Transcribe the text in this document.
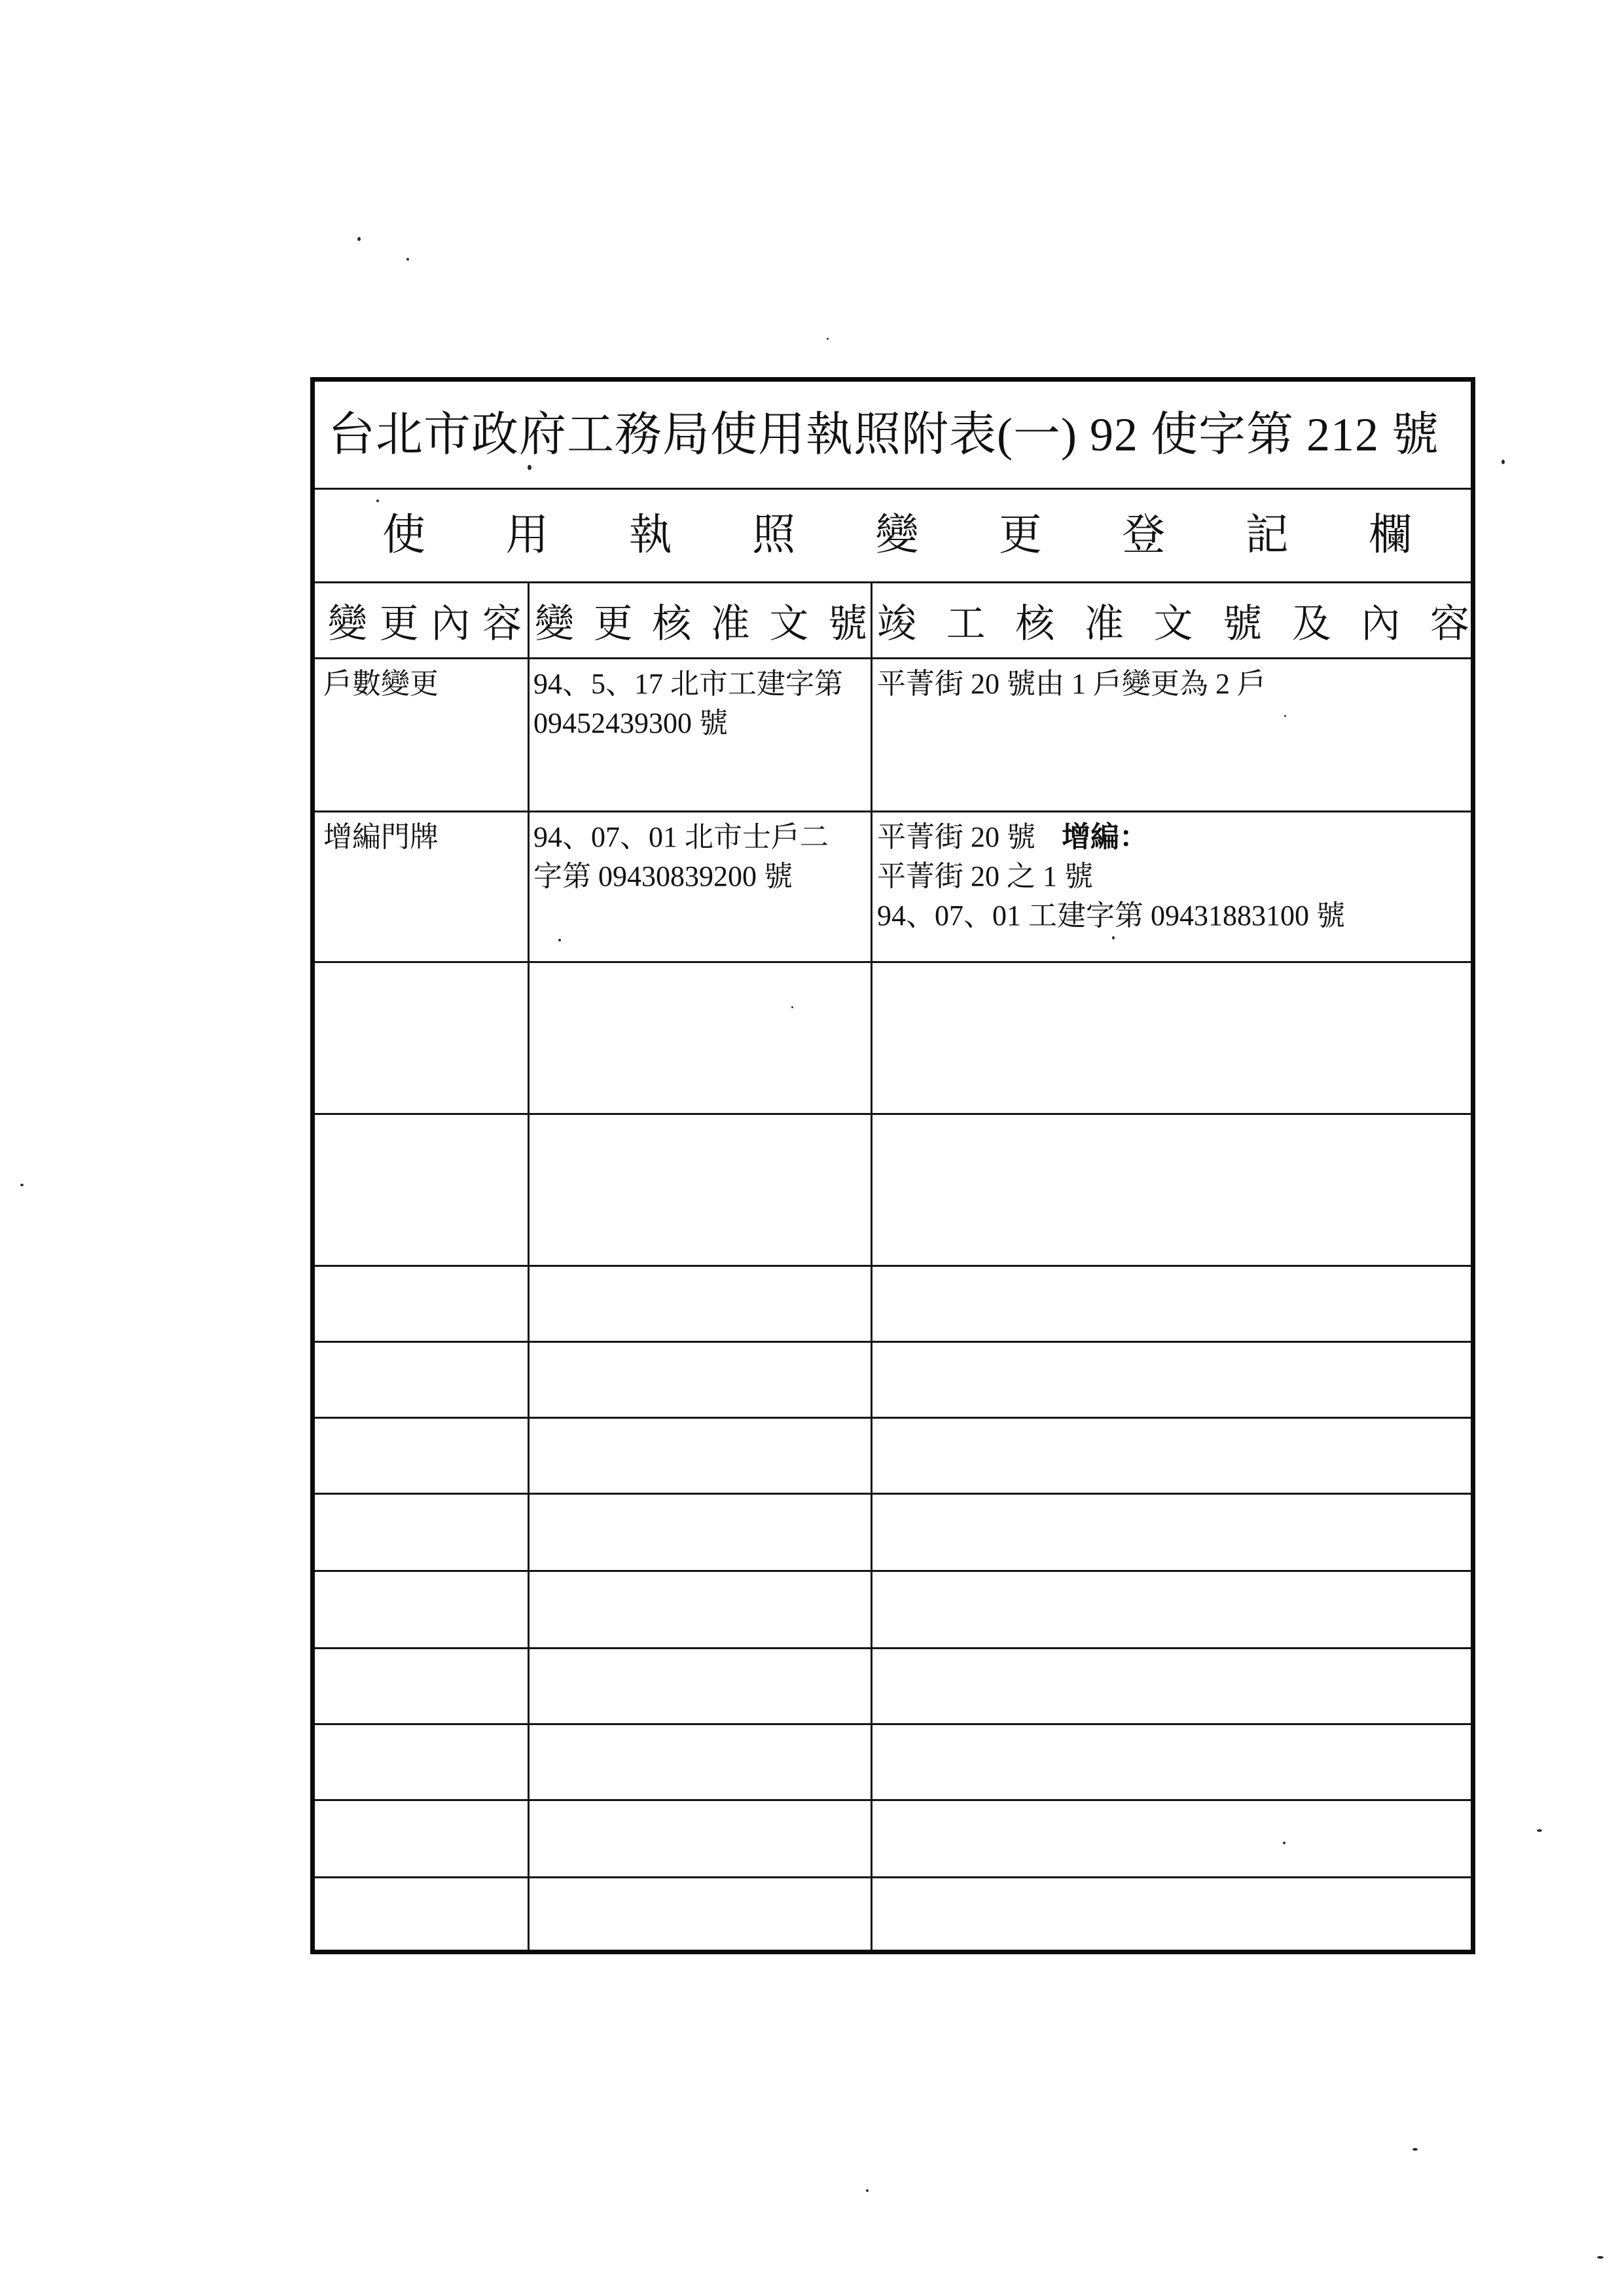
台北市政府工務局使用執照附表(一) 92 使字第 212 號
使 用 執 照 變 更 登 記 欄
變 更 內 容 變 更 核 准 文 號 竣 工 核 准 文 號 及 內 容
戶數變更	94、5、17 北市工建字第
09452439300 號
平菁街 20 號由 1 戶變更為 2 戶
增編門牌	94、07、01 北市士戶二
字第 09430839200 號
平菁街 20 號 增編：
平菁街 20 之 1 號
94、07、01 工建字第 09431883100 號
